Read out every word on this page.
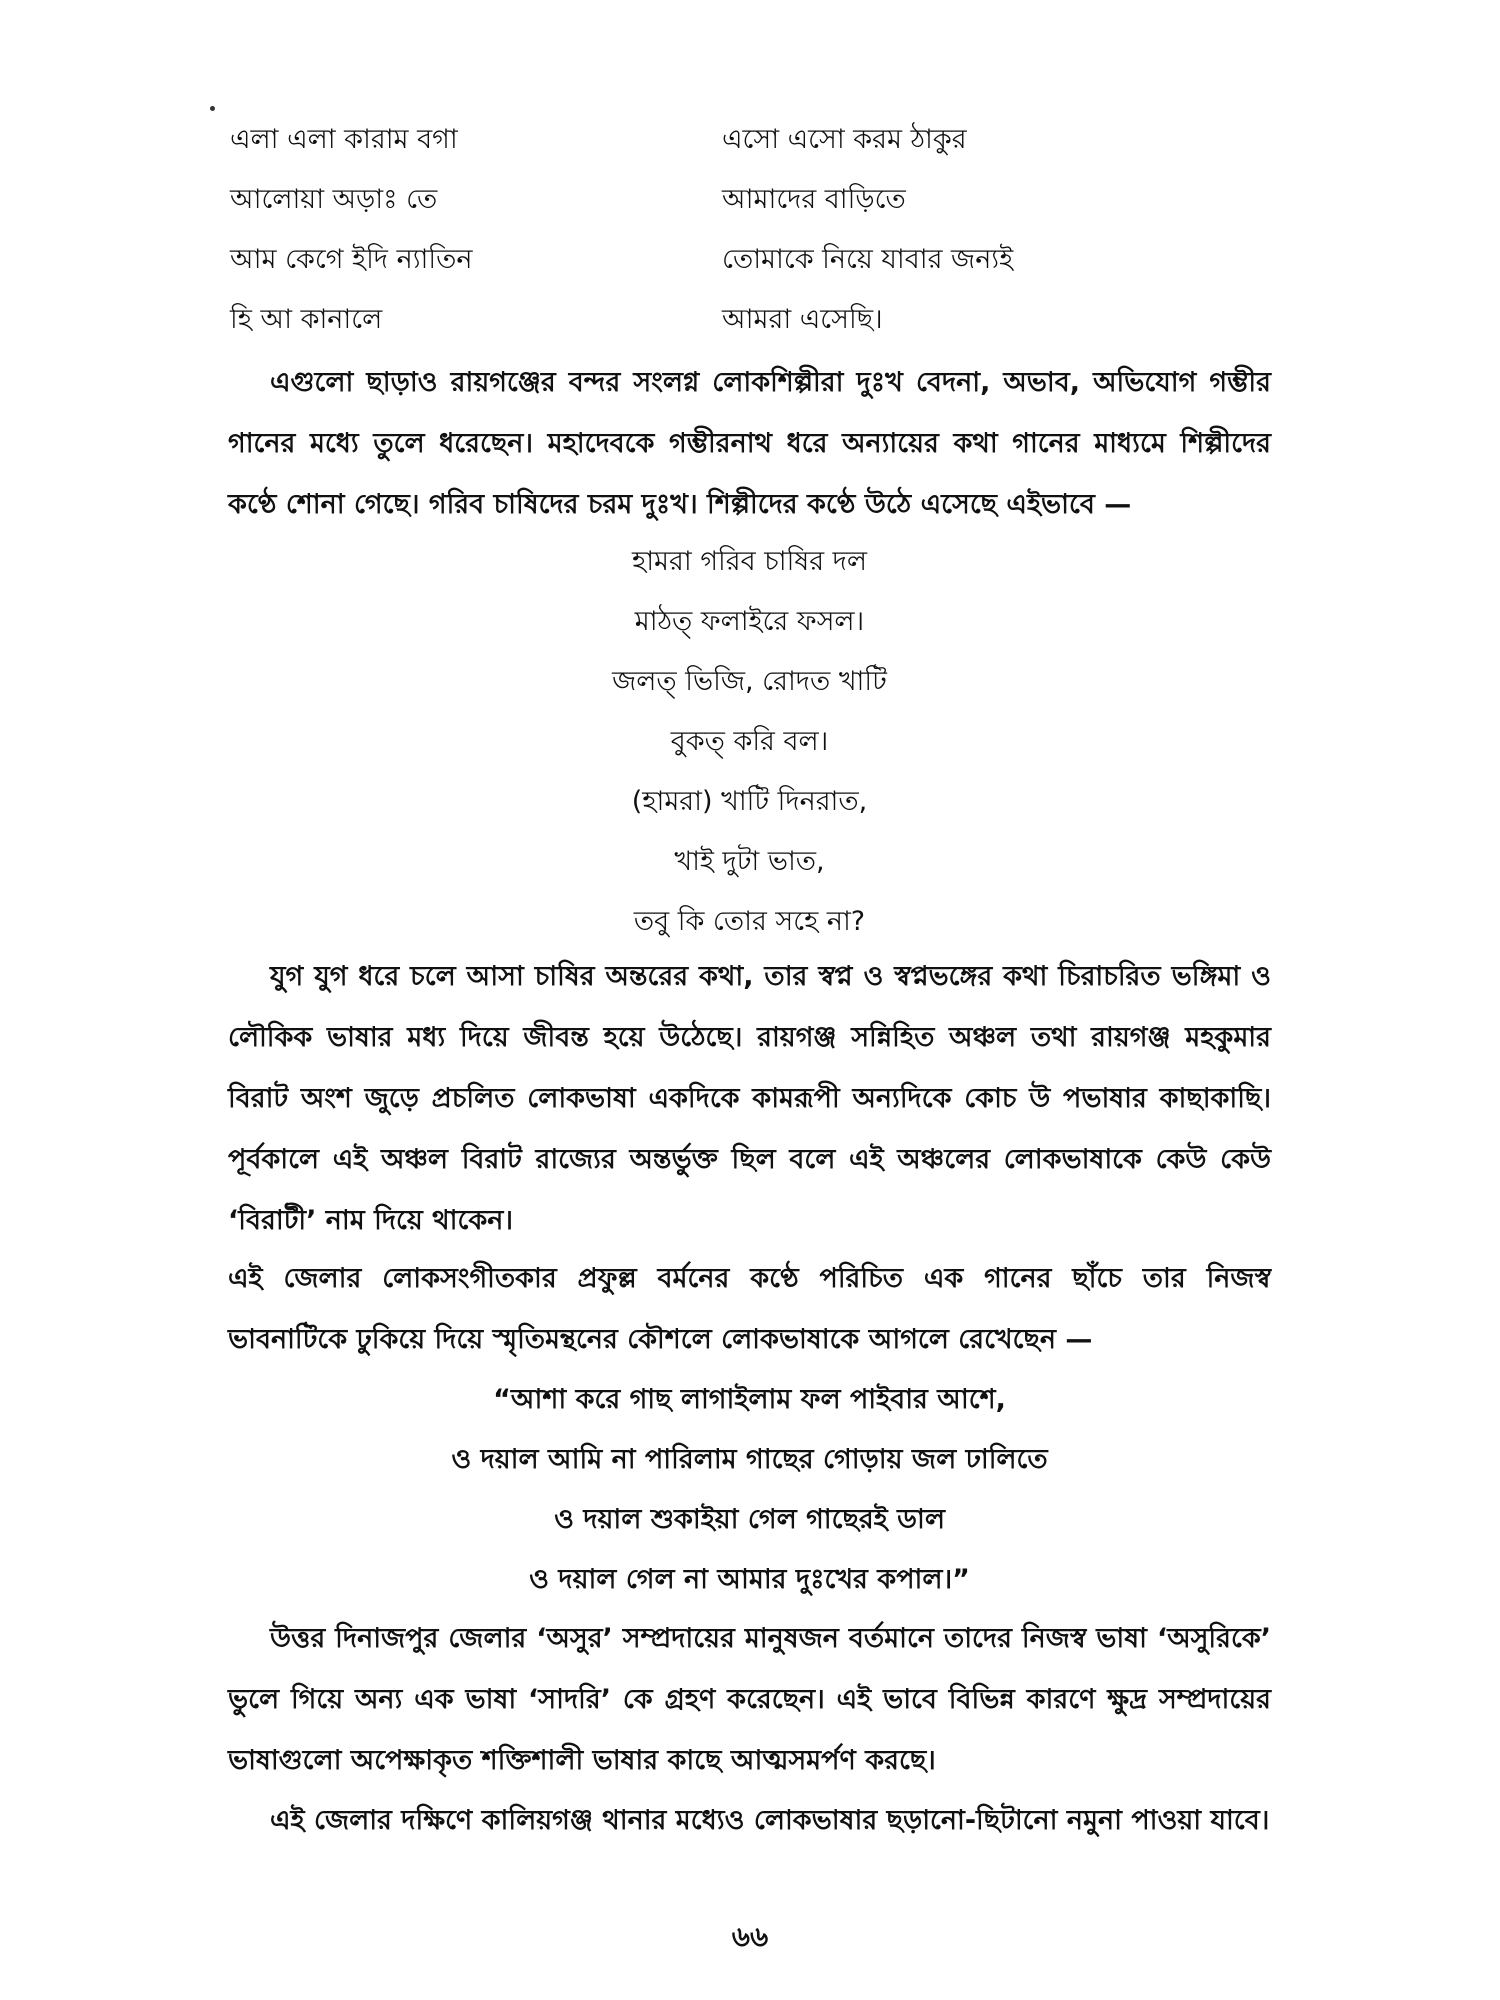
এলা এলা কারাম বগা	এসো এসো করম ঠাকুর
আলোয়া অড়াঃ তে	আমাদের বাড়িতে
আম কেগে ইদি ন্যাতিন	তোমাকে নিয়ে যাবার জন্যই
হি আ কানালে	আমরা এসেছি।

এগুলো ছাড়াও রায়গঞ্জের বন্দর সংলগ্ন লোকশিল্পীরা দুঃখ বেদনা, অভাব, অভিযোগ গম্ভীর গানের মধ্যে তুলে ধরেছেন। মহাদেবকে গম্ভীরনাথ ধরে অন্যায়ের কথা গানের মাধ্যমে শিল্পীদের কণ্ঠে শোনা গেছে। গরিব চাষিদের চরম দুঃখ। শিল্পীদের কণ্ঠে উঠে এসেছে এইভাবে —

হামরা গরিব চাষির দল
মাঠত্ ফলাইরে ফসল।
জলত্ ভিজি, রোদত খাটি
বুকত্ করি বল।
(হামরা) খাটি দিনরাত,
খাই দুটা ভাত,
তবু কি তোর সহে না?

যুগ যুগ ধরে চলে আসা চাষির অন্তরের কথা, তার স্বপ্ন ও স্বপ্নভঙ্গের কথা চিরাচরিত ভঙ্গিমা ও লৌকিক ভাষার মধ্য দিয়ে জীবন্ত হয়ে উঠেছে। রায়গঞ্জ সন্নিহিত অঞ্চল তথা রায়গঞ্জ মহকুমার বিরাট অংশ জুড়ে প্রচলিত লোকভাষা একদিকে কামরূপী অন্যদিকে কোচ উ পভাষার কাছাকাছি। পূর্বকালে এই অঞ্চল বিরাট রাজ্যের অন্তর্ভুক্ত ছিল বলে এই অঞ্চলের লোকভাষাকে কেউ কেউ ‘বিরাটী’ নাম দিয়ে থাকেন।

এই জেলার লোকসংগীতকার প্রফুল্ল বর্মনের কণ্ঠে পরিচিত এক গানের ছাঁচে তার নিজস্ব ভাবনাটিকে ঢুকিয়ে দিয়ে স্মৃতিমন্থনের কৌশলে লোকভাষাকে আগলে রেখেছেন —

“আশা করে গাছ লাগাইলাম ফল পাইবার আশে,
ও দয়াল আমি না পারিলাম গাছের গোড়ায় জল ঢালিতে
ও দয়াল শুকাইয়া গেল গাছেরই ডাল
ও দয়াল গেল না আমার দুঃখের কপাল।”

উত্তর দিনাজপুর জেলার ‘অসুর’ সম্প্রদায়ের মানুষজন বর্তমানে তাদের নিজস্ব ভাষা ‘অসুরিকে’ ভুলে গিয়ে অন্য এক ভাষা ‘সাদরি’ কে গ্রহণ করেছেন। এই ভাবে বিভিন্ন কারণে ক্ষুদ্র সম্প্রদায়ের ভাষাগুলো অপেক্ষাকৃত শক্তিশালী ভাষার কাছে আত্মসমর্পণ করছে।

এই জেলার দক্ষিণে কালিয়গঞ্জ থানার মধ্যেও লোকভাষার ছড়ানো-ছিটানো নমুনা পাওয়া যাবে।

৬৬
